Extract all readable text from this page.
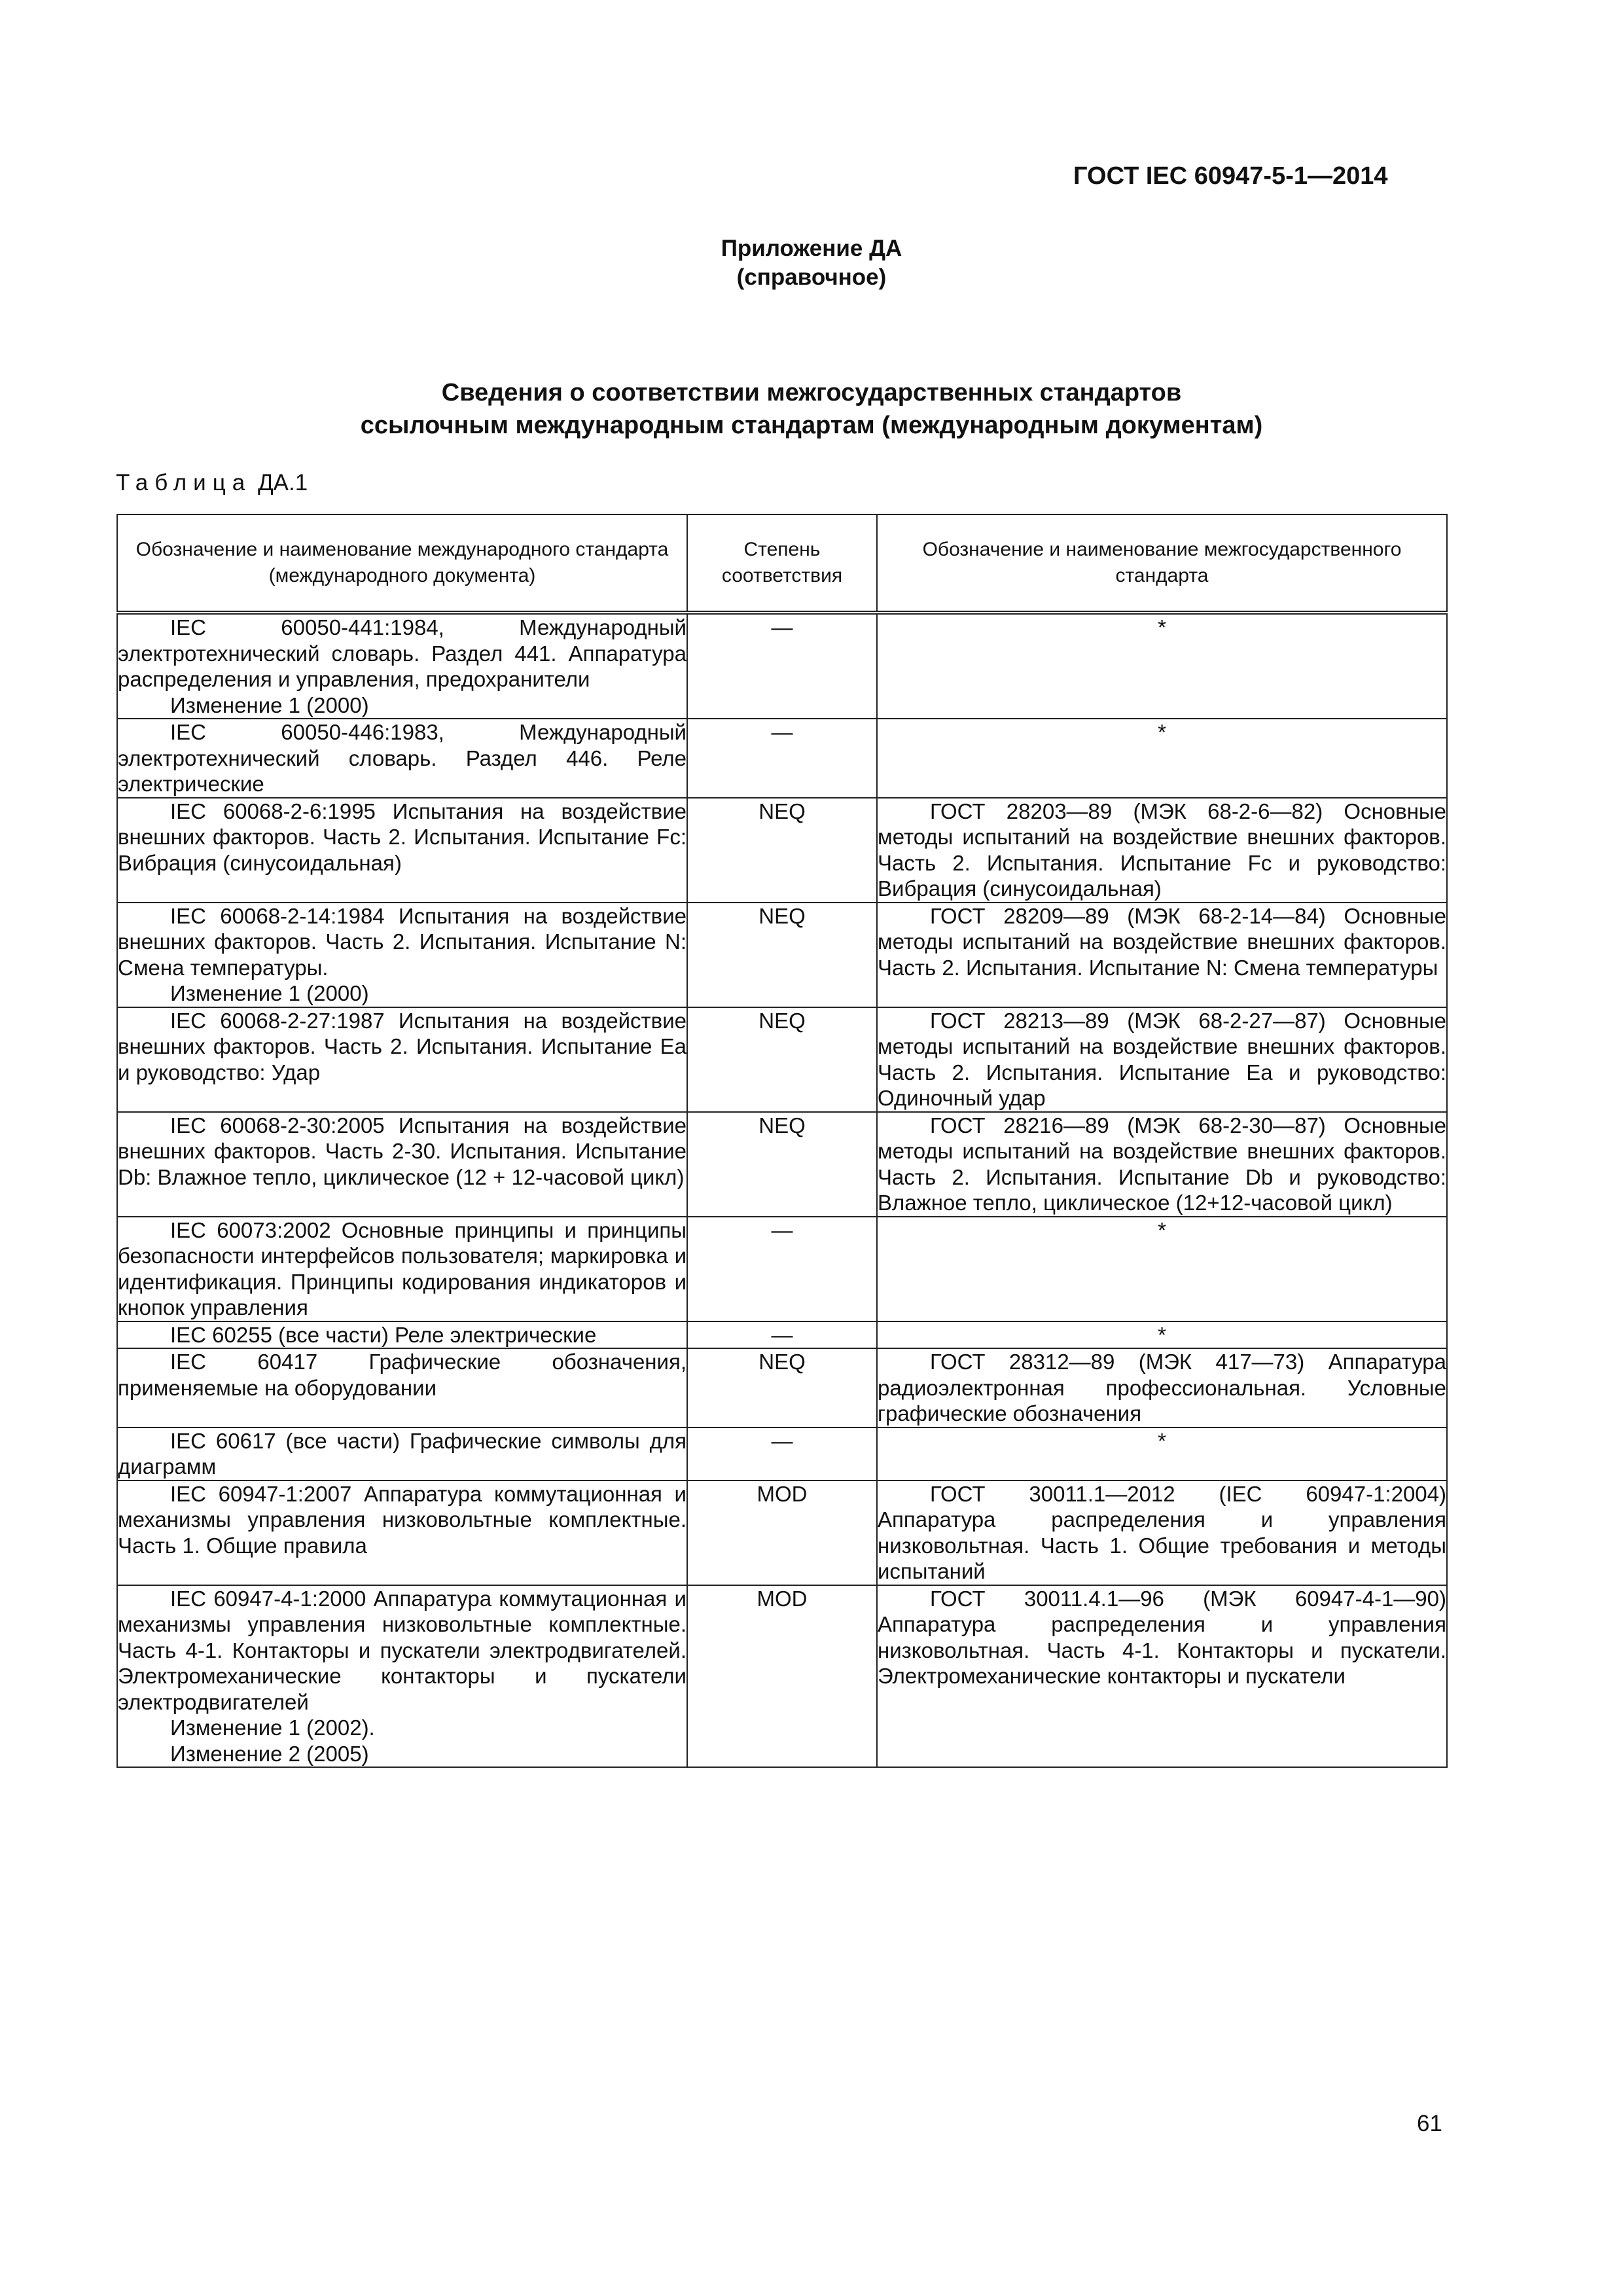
ГОСТ IEC 60947-5-1—2014
Приложение ДА
(справочное)
Сведения о соответствии межгосударственных стандартов
ссылочным международным стандартам (международным документам)
Таблица ДА.1
Обозначение и наименование международного стандарта (международного документа)	Степень соответствия	Обозначение и наименование межгосударственного стандарта

IEC 60050-441:1984, Международный электротехнический словарь. Раздел 441. Аппаратура распределения и управления, предохранители
Изменение 1 (2000)	—	*

IEC 60050-446:1983, Международный электротехнический словарь. Раздел 446. Реле электрические	—	*

IEC 60068-2-6:1995 Испытания на воздействие внешних факторов. Часть 2. Испытания. Испытание Fc: Вибрация (синусоидальная)	NEQ	ГОСТ 28203—89 (МЭК 68-2-6—82) Основные методы испытаний на воздействие внешних факторов. Часть 2. Испытания. Испытание Fc и руководство: Вибрация (синусоидальная)

IEC 60068-2-14:1984 Испытания на воздействие внешних факторов. Часть 2. Испытания. Испытание N: Смена температуры.
Изменение 1 (2000)	NEQ	ГОСТ 28209—89 (МЭК 68-2-14—84) Основные методы испытаний на воздействие внешних факторов. Часть 2. Испытания. Испытание N: Смена температуры

IEC 60068-2-27:1987 Испытания на воздействие внешних факторов. Часть 2. Испытания. Испытание Ea и руководство: Удар	NEQ	ГОСТ 28213—89 (МЭК 68-2-27—87) Основные методы испытаний на воздействие внешних факторов. Часть 2. Испытания. Испытание Ea и руководство: Одиночный удар

IEC 60068-2-30:2005 Испытания на воздействие внешних факторов. Часть 2-30. Испытания. Испытание Db: Влажное тепло, циклическое (12 + 12-часовой цикл)	NEQ	ГОСТ 28216—89 (МЭК 68-2-30—87) Основные методы испытаний на воздействие внешних факторов. Часть 2. Испытания. Испытание Db и руководство: Влажное тепло, циклическое (12+12-часовой цикл)

IEC 60073:2002 Основные принципы и принципы безопасности интерфейсов пользователя; маркировка и идентификация. Принципы кодирования индикаторов и кнопок управления	—	*

IEC 60255 (все части) Реле электрические	—	*

IEC 60417 Графические обозначения, применяемые на оборудовании	NEQ	ГОСТ 28312—89 (МЭК 417—73) Аппаратура радиоэлектронная профессиональная. Условные графические обозначения

IEC 60617 (все части) Графические символы для диаграмм	—	*

IEC 60947-1:2007 Аппаратура коммутационная и механизмы управления низковольтные комплектные. Часть 1. Общие правила	MOD	ГОСТ 30011.1—2012 (IEC 60947-1:2004) Аппаратура распределения и управления низковольтная. Часть 1. Общие требования и методы испытаний

IEC 60947-4-1:2000 Аппаратура коммутационная и механизмы управления низковольтные комплектные. Часть 4-1. Контакторы и пускатели электродвигателей. Электромеханические контакторы и пускатели электродвигателей
Изменение 1 (2002).
Изменение 2 (2005)	MOD	ГОСТ 30011.4.1—96 (МЭК 60947-4-1—90) Аппаратура распределения и управления низковольтная. Часть 4-1. Контакторы и пускатели. Электромеханические контакторы и пускатели
61
